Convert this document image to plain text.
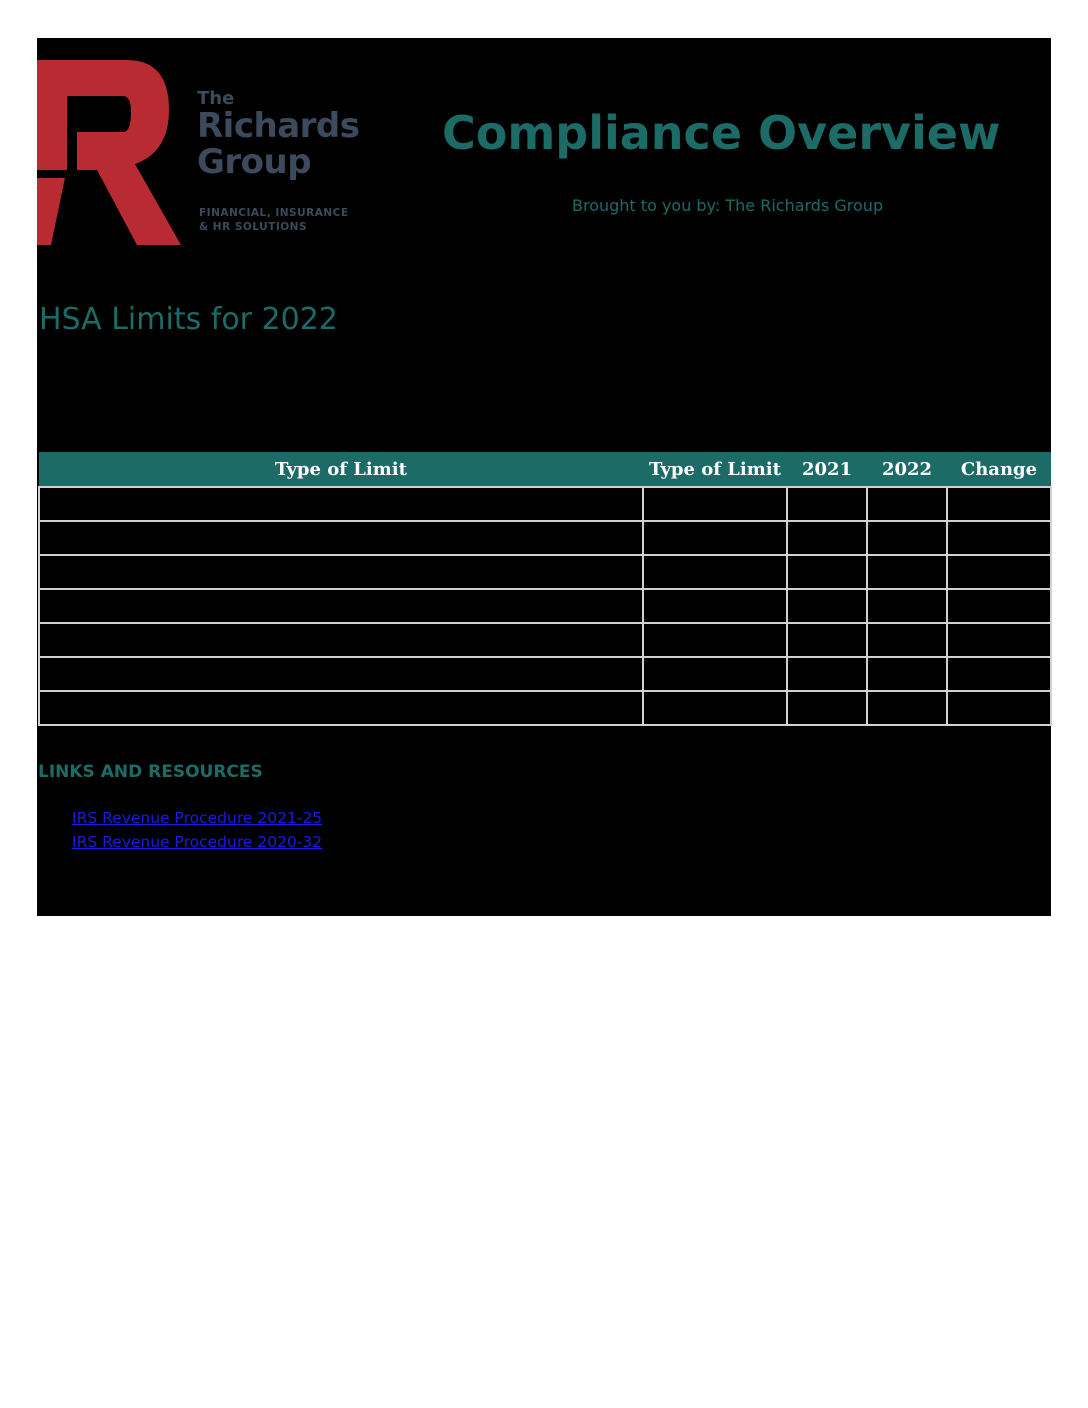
The
Richards
Group
FINANCIAL, INSURANCE
& HR SOLUTIONS
Compliance Overview
Brought to you by: The Richards Group
HSA Limits for 2022
Type of Limit	Type of Limit	2021	2022	Change

LINKS AND RESOURCES
IRS Revenue Procedure 2021-25
IRS Revenue Procedure 2020-32
